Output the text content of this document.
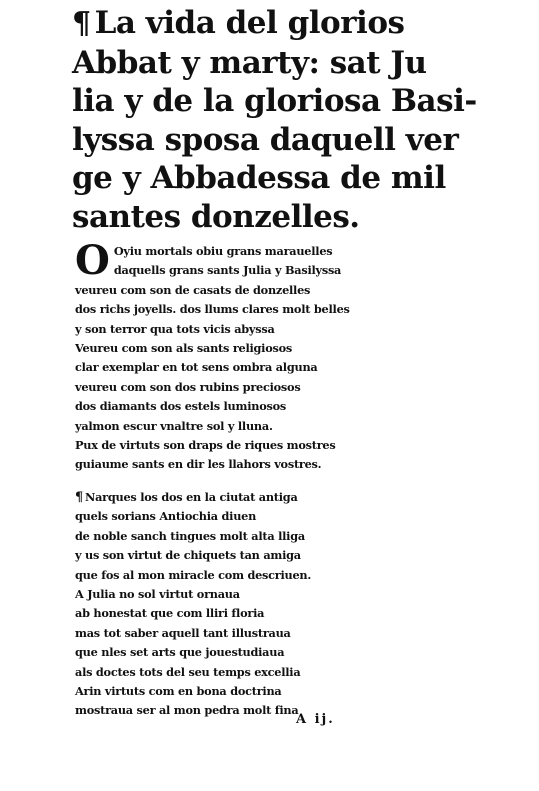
¶ La vida del glorios
Abbat y marty: sat Ju
lia y de la gloriosa Basi-
lyssa sposa daquell ver
ge y Abbadessa de mil
santes donzelles.
O Oyiu mortals obiu grans marauelles
daquells grans sants Julia y Basilyssa
veureu com son de casats de donzelles
dos richs joyells. dos llums clares molt belles
y son terror qua tots vicis abyssa
Veureu com son als sants religiosos
clar exemplar en tot sens ombra alguna
veureu com son dos rubins preciosos
dos diamants dos estels luminosos
yalmon escur vnaltre sol y lluna.
Pux de virtuts son draps de riques mostres
guiaume sants en dir les llahors vostres.
¶ Narques los dos en la ciutat antiga
quels sorians Antiochia diuen
de noble sanch tingues molt alta lliga
y us son virtut de chiquets tan amiga
que fos al mon miracle com descriuen.
A Julia no sol virtut ornaua
ab honestat que com lliri floria
mas tot saber aquell tant illustraua
que nles set arts que jouestudiaua
als doctes tots del seu temps excellia
Arin virtuts com en bona doctrina
mostraua ser al mon pedra molt fina
A ij.
